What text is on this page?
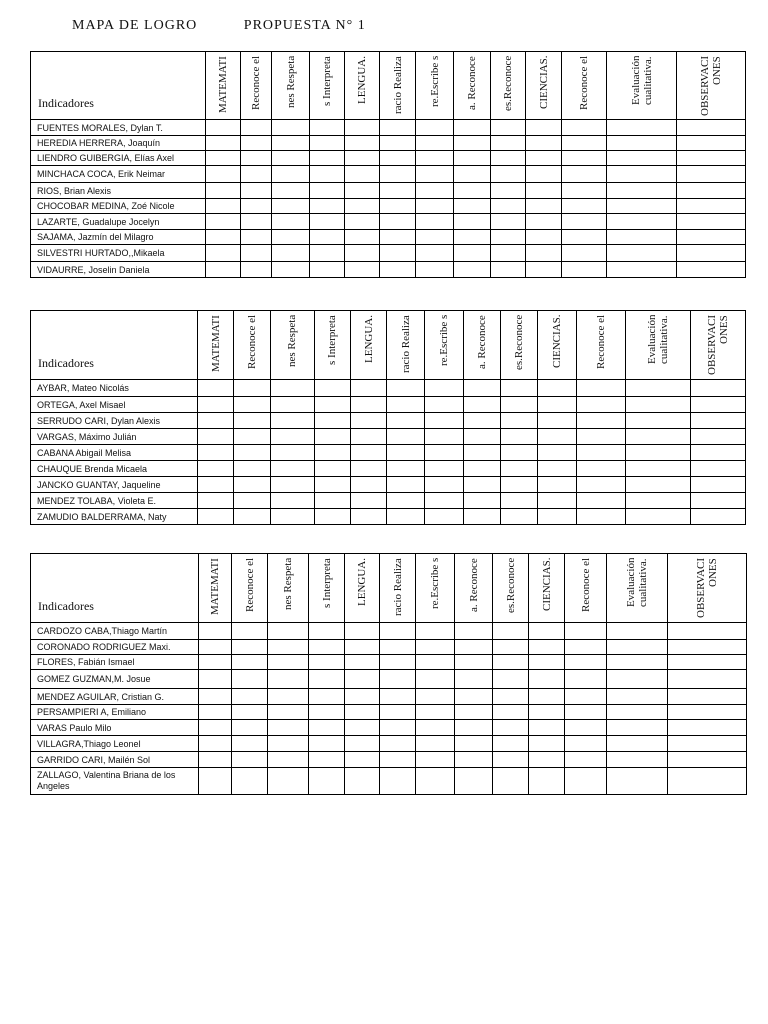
MAPA DE LOGRO	PROPUESTA N° 1
Indicadores	MATEMATI	Reconoce el	nes Respeta	s Interpreta	LENGUA.	racio Realiza	re.Escribe s	a. Reconoce	es.Reconoce	CIENCIAS.	Reconoce el	Evaluación
cualitativa.	OBSERVACI
ONES

FUENTES MORALES, Dylan T.													
HEREDIA HERRERA, Joaquín													
LIENDRO GUIBERGIA, Elías Axel													
MINCHACA COCA, Erik Neimar													
RIOS, Brian Alexis													
CHOCOBAR MEDINA, Zoé Nicole													
LAZARTE, Guadalupe Jocelyn													
SAJAMA, Jazmín del Milagro													
SILVESTRI HURTADO,,Mikaela													
VIDAURRE, Joselin Daniela													
Indicadores	MATEMATI	Reconoce el	nes Respeta	s Interpreta	LENGUA.	racio Realiza	re.Escribe s	a. Reconoce	es.Reconoce	CIENCIAS.	Reconoce el	Evaluación
cualitativa.	OBSERVACI
ONES

AYBAR, Mateo Nicolás													
ORTEGA, Axel Misael													
SERRUDO CARI, Dylan Alexis													
VARGAS, Máximo Julián													
CABANA Abigail Melisa													
CHAUQUE Brenda Micaela													
JANCKO GUANTAY, Jaqueline													
MENDEZ TOLABA, Violeta E.													
ZAMUDIO BALDERRAMA, Naty													
Indicadores	MATEMATI	Reconoce el	nes Respeta	s Interpreta	LENGUA.	racio Realiza	re.Escribe s	a. Reconoce	es.Reconoce	CIENCIAS.	Reconoce el	Evaluación
cualitativa.	OBSERVACI
ONES

CARDOZO CABA,Thiago Martín													
CORONADO RODRIGUEZ Maxi.													
FLORES, Fabián Ismael													
GOMEZ GUZMAN,M. Josue													
MENDEZ AGUILAR, Cristian G.													
PERSAMPIERI A, Emiliano													
VARAS Paulo Milo													
VILLAGRA,Thiago Leonel													
GARRIDO CARI, Mailén Sol													
ZALLAGO, Valentina Briana de los Angeles													
